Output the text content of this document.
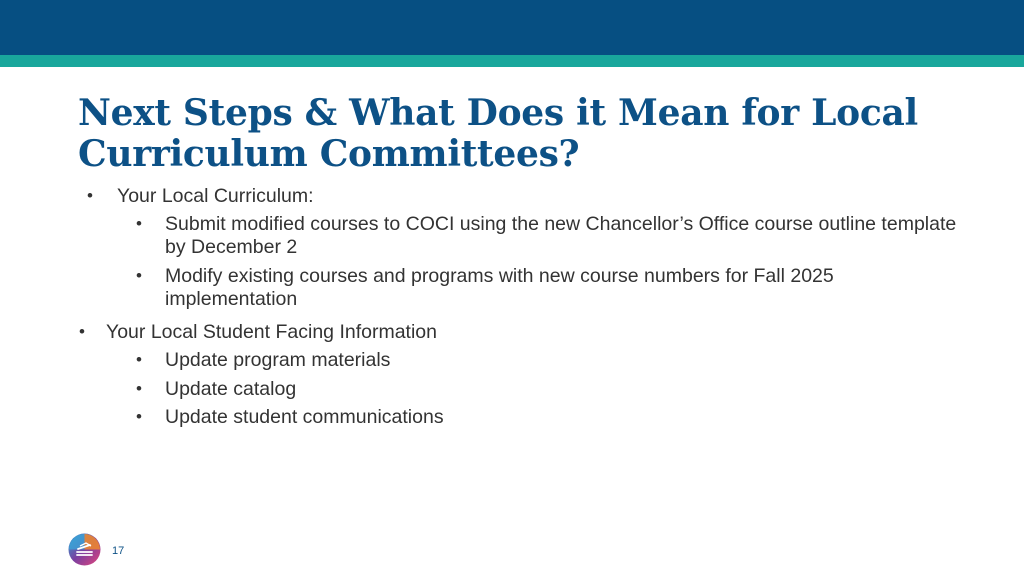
Next Steps & What Does it Mean for Local
Curriculum Committees?
• Your Local Curriculum:
• Submit modified courses to COCI using the new Chancellor’s Office course outline template by December 2
• Modify existing courses and programs with new course numbers for Fall 2025 implementation
• Your Local Student Facing Information
• Update program materials
• Update catalog
• Update student communications
17
